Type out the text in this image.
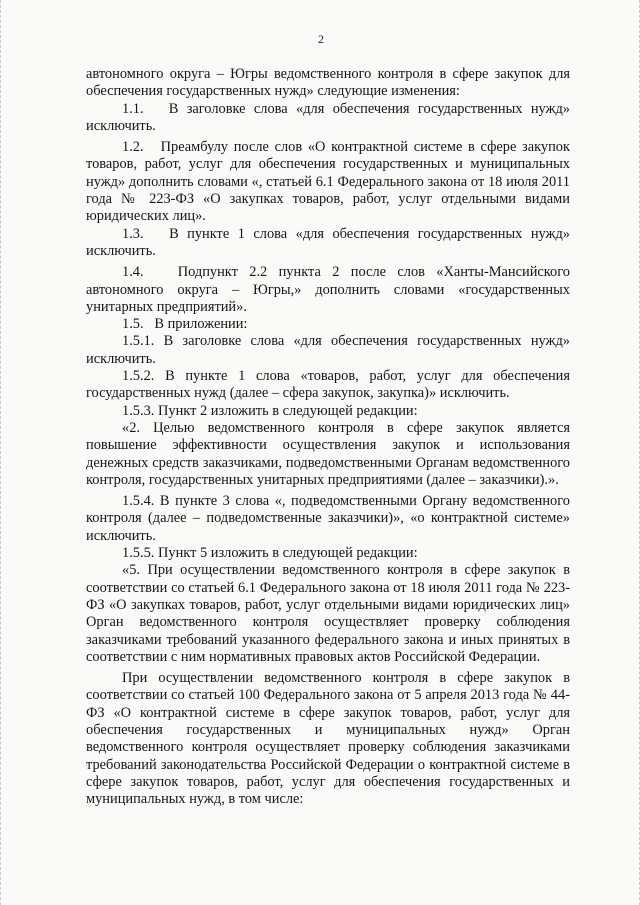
2

автономного округа – Югры ведомственного контроля в сфере закупок для обеспечения государственных нужд» следующие изменения:

1.1.   В заголовке слова «для обеспечения государственных нужд» исключить.

1.2.   Преамбулу после слов «О контрактной системе в сфере закупок товаров, работ, услуг для обеспечения государственных и муниципальных нужд» дополнить словами «, статьей 6.1 Федерального закона от 18 июля 2011 года № 223-ФЗ «О закупках товаров, работ, услуг отдельными видами юридических лиц».

1.3.   В пункте 1 слова «для обеспечения государственных нужд» исключить.

1.4.   Подпункт 2.2 пункта 2 после слов «Ханты-Мансийского автономного округа – Югры,» дополнить словами «государственных унитарных предприятий».

1.5.   В приложении:

1.5.1. В заголовке слова «для обеспечения государственных нужд» исключить.

1.5.2. В пункте 1 слова «товаров, работ, услуг для обеспечения государственных нужд (далее – сфера закупок, закупка)» исключить.

1.5.3. Пункт 2 изложить в следующей редакции:

«2. Целью ведомственного контроля в сфере закупок является повышение эффективности осуществления закупок и использования денежных средств заказчиками, подведомственными Органам ведомственного контроля, государственных унитарных предприятиями (далее – заказчики).».

1.5.4. В пункте 3 слова «, подведомственными Органу ведомственного контроля (далее – подведомственные заказчики)», «о контрактной системе» исключить.

1.5.5. Пункт 5 изложить в следующей редакции:

«5. При осуществлении ведомственного контроля в сфере закупок в соответствии со статьей 6.1 Федерального закона от 18 июля 2011 года № 223-ФЗ «О закупках товаров, работ, услуг отдельными видами юридических лиц» Орган ведомственного контроля осуществляет проверку соблюдения заказчиками требований указанного федерального закона и иных принятых в соответствии с ним нормативных правовых актов Российской Федерации.

При осуществлении ведомственного контроля в сфере закупок в соответствии со статьей 100 Федерального закона от 5 апреля 2013 года № 44-ФЗ «О контрактной системе в сфере закупок товаров, работ, услуг для обеспечения государственных и муниципальных нужд» Орган ведомственного контроля осуществляет проверку соблюдения заказчиками требований законодательства Российской Федерации о контрактной системе в сфере закупок товаров, работ, услуг для обеспечения государственных и муниципальных нужд, в том числе:
